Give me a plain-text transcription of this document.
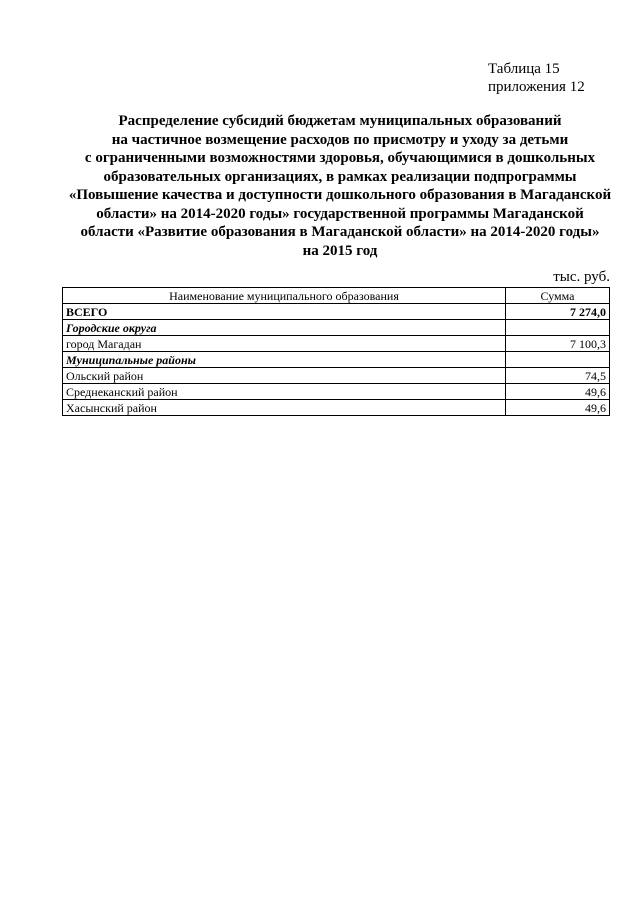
Таблица 15
приложения 12
Распределение субсидий бюджетам муниципальных образований
на частичное возмещение расходов по присмотру и уходу за детьми
с ограниченными возможностями здоровья, обучающимися в дошкольных
образовательных организациях, в рамках реализации подпрограммы
«Повышение качества и доступности дошкольного образования в Магаданской
области» на 2014-2020 годы» государственной программы Магаданской
области «Развитие образования в Магаданской области» на 2014-2020 годы»
на 2015 год
тыс. руб.
Наименование муниципального образования	Сумма
ВСЕГО	7 274,0
Городские округа	
город Магадан	7 100,3
Муниципальные районы	
Ольский район	74,5
Среднеканский район	49,6
Хасынский район	49,6
